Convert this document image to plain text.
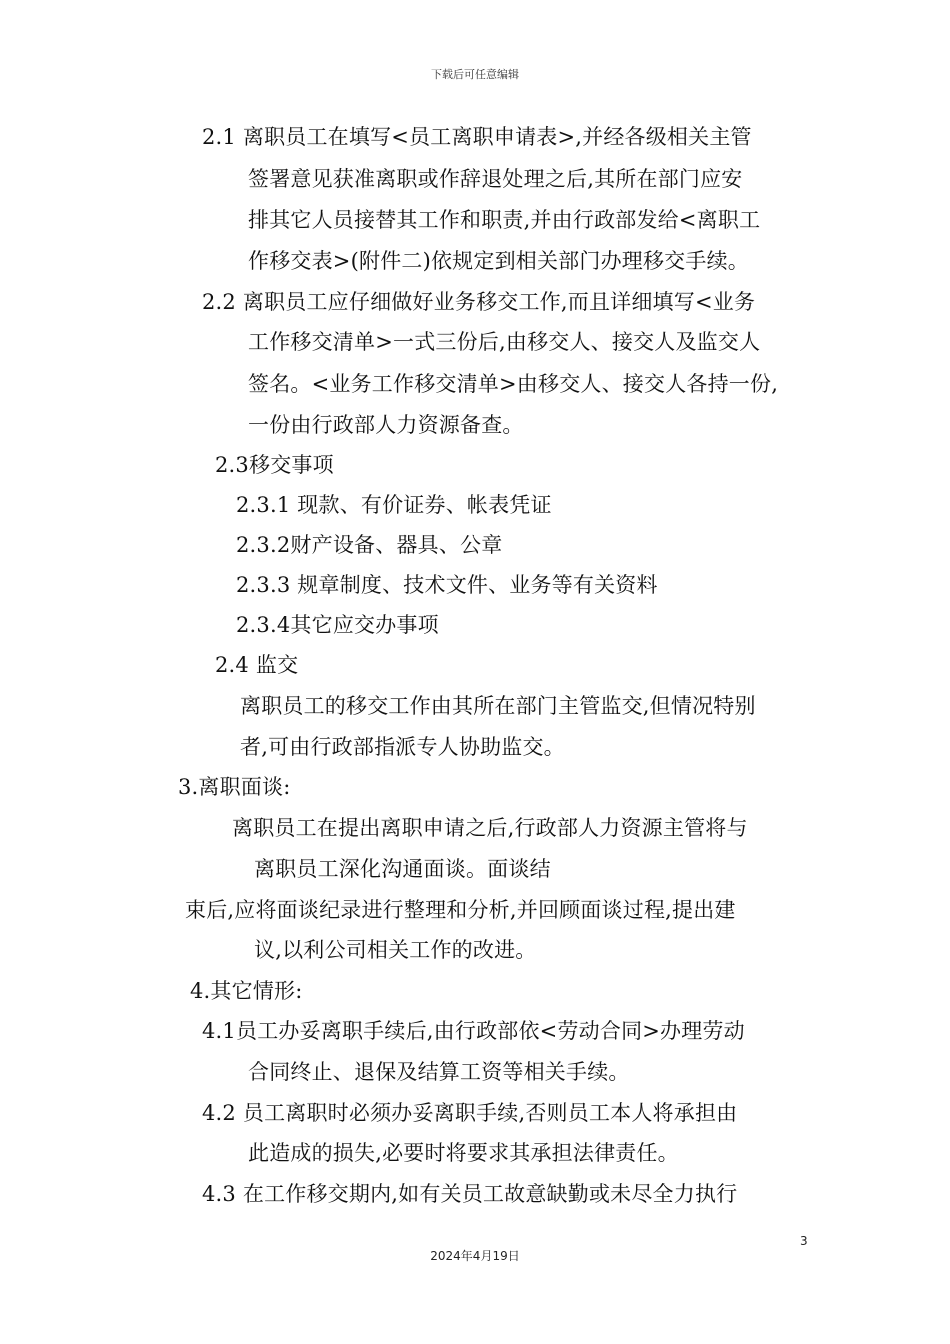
下载后可任意编辑
2.1 离职员工在填写<员工离职申请表>,并经各级相关主管
签署意见获准离职或作辞退处理之后,其所在部门应安
排其它人员接替其工作和职责,并由行政部发给<离职工
作移交表>(附件二)依规定到相关部门办理移交手续。
2.2 离职员工应仔细做好业务移交工作,而且详细填写<业务
工作移交清单>一式三份后,由移交人、接交人及监交人
签名。<业务工作移交清单>由移交人、接交人各持一份,
一份由行政部人力资源备查。
2.3移交事项
2.3.1 现款、有价证券、帐表凭证
2.3.2财产设备、器具、公章
2.3.3 规章制度、技术文件、业务等有关资料
2.3.4其它应交办事项
2.4 监交
离职员工的移交工作由其所在部门主管监交,但情况特别
者,可由行政部指派专人协助监交。
3.离职面谈:
离职员工在提出离职申请之后,行政部人力资源主管将与
离职员工深化沟通面谈。面谈结
束后,应将面谈纪录进行整理和分析,并回顾面谈过程,提出建
议,以利公司相关工作的改进。
4.其它情形:
4.1员工办妥离职手续后,由行政部依<劳动合同>办理劳动
合同终止、退保及结算工资等相关手续。
4.2 员工离职时必须办妥离职手续,否则员工本人将承担由
此造成的损失,必要时将要求其承担法律责任。
4.3 在工作移交期内,如有关员工故意缺勤或未尽全力执行
3
2024年4月19日
